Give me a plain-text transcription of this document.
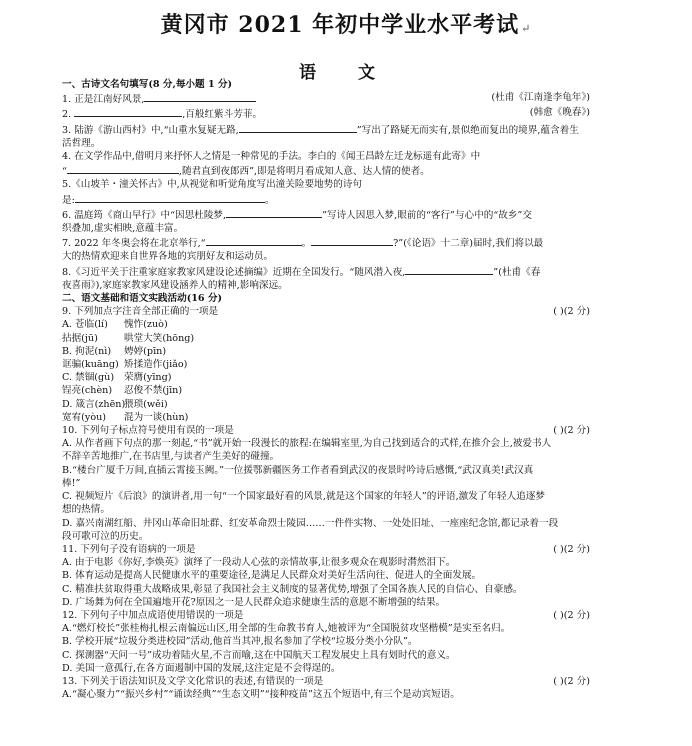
黄冈市 2021 年初中学业水平考试 ↵
语 文
一、古诗文名句填写(8 分,每小题 1 分)
1. 正是江南好风景,	(杜甫《江南逢李龟年》)
2.	,百般红紫斗芳菲。	(韩愈《晚春》)
3. 陆游《游山西村》中,“山重水复疑无路,	”写出了路疑无而实有,景似绝而复出的境界,蕴含着生
活哲理。
4. 在文学作品中,借明月来抒怀人之情是一种常见的手法。李白的《闻王昌龄左迁龙标遥有此寄》中
“	,随君直到夜郎西”,即是将明月看成知人意、达人情的使者。
5.《山坡羊・潼关怀古》中,从视觉和听觉角度写出潼关险要地势的诗句
是:	。
6. 温庭筠《商山早行》中“因思杜陵梦,	”写诗人因思入梦,眼前的“客行”与心中的“故乡”交
织叠加,虚实相映,意蕴丰富。
7. 2022 年冬奥会将在北京举行,“	。	?”(《论语》十二章)届时,我们将以最
大的热情欢迎来自世界各地的宾朋好友和运动员。
8.《习近平关于注重家庭家教家风建设论述摘编》近期在全国发行。“随风潜入夜,	”(杜甫《春
夜喜雨》),家庭家教家风建设涵养人的精神,影响深远。
二、语文基础和语文实践活动(16 分)
9. 下列加点字注音全部正确的一项是	( )(2 分)
A. 苍临(lí) 愧怍(zuò)
拈据(jū)	哄堂大笑(hōng)
B. 拘泥(nì) 娉婷(pīn)
诓骗(kuāng) 矫揉造作(jiǎo)
C. 禁锢(gù) 荣膺(yīng)
锃亮(chèn) 忍俊不禁(jīn)
D. 箴言(zhēn)猥琐(wěi)
宽宥(yòu) 混为一谈(hùn)
10. 下列句子标点符号使用有误的一项是	( )(2 分)
A. 从作者画下句点的那一刻起,“书”就开始一段漫长的旅程:在编辑室里,为自己找到适合的式样,在推介会上,被爱书人
不辞辛苦地推广,在书店里,与读者产生美好的碰撞。
B.“楼台广厦千万间,直插云霄接玉阙。”一位援鄂新疆医务工作者看到武汉的夜景时吟诗后感慨,“武汉真美!武汉真
棒!”
C. 视频短片《后浪》的演讲者,用一句“一个国家最好看的风景,就是这个国家的年轻人”的评语,激发了年轻人追逐梦
想的热情。
D. 嘉兴南湖红船、井冈山革命旧址群、红安革命烈士陵园……一件件实物、一处处旧址、一座座纪念馆,都记录着一段
段可歌可泣的历史。
11. 下列句子没有语病的一项是	( )(2 分)
A. 由于电影《你好,李焕英》演绎了一段动人心弦的亲情故事,让很多观众在观影时潸然泪下。
B. 体育运动是提高人民健康水平的重要途径,是满足人民群众对美好生活向往、促进人的全面发展。
C. 精准扶贫取得重大战略成果,彰显了我国社会主义制度的显著优势,增强了全国各族人民的自信心、自豪感。
D. 广场舞为何在全国遍地开花?原因之一是人民群众追求健康生活的意愿不断增强的结果。
12. 下列句子中加点成语使用错误的一项是	( )(2 分)
A.“燃灯校长”张桂梅扎根云南偏远山区,用全部的生命教书育人,她被评为“全国脱贫攻坚楷模”是实至名归。
B. 学校开展“垃圾分类进校园”活动,他首当其冲,报名参加了学校“垃圾分类小分队”。
C. 探测器“天问一号”成功着陆火星,不言而喻,这在中国航天工程发展史上具有划时代的意义。
D. 美国一意孤行,在各方面遏制中国的发展,这注定是不会得逞的。
13. 下列关于语法知识及文学文化常识的表述,有错误的一项是	( )(2 分)
A.“凝心聚力”“振兴乡村”“诵读经典”“生态文明”“接种疫苗”这五个短语中,有三个是动宾短语。
